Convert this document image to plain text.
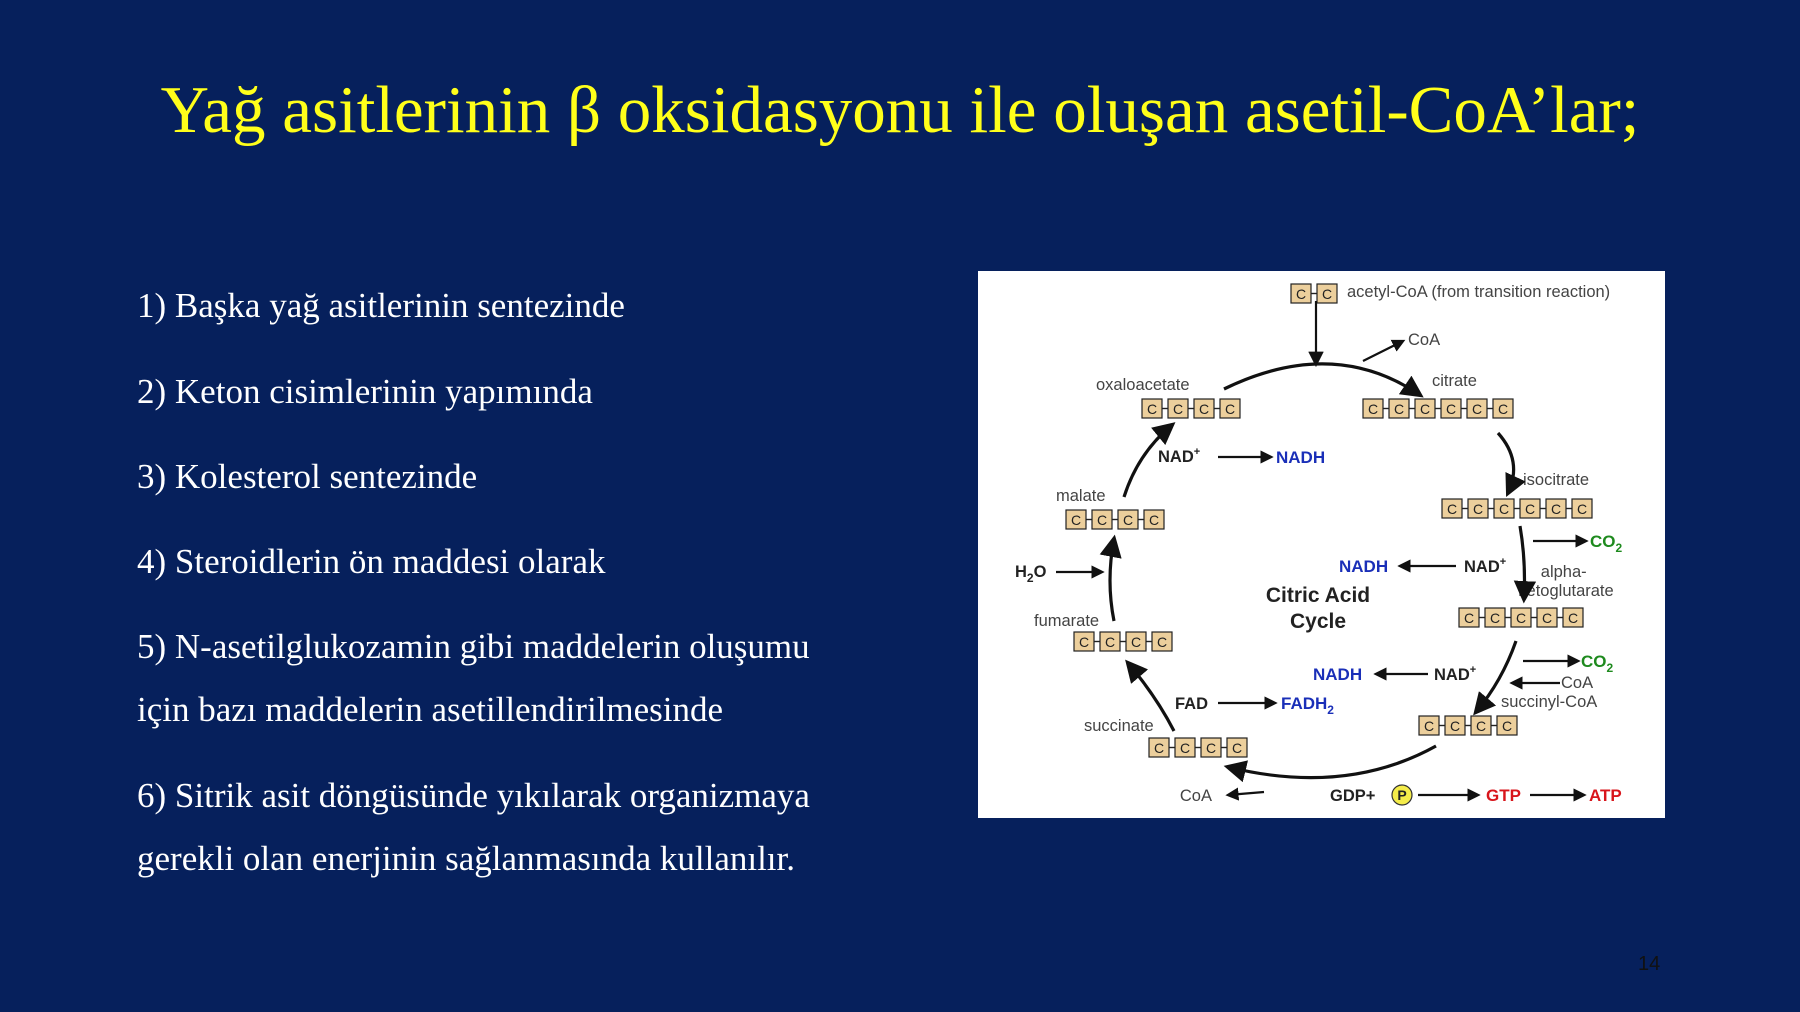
Yağ asitlerinin β oksidasyonu ile oluşan asetil-CoA’lar;
1) Başka yağ asitlerinin sentezinde
2) Keton cisimlerinin yapımında
3) Kolesterol sentezinde
4) Steroidlerin ön maddesi olarak
5) N-asetilglukozamin gibi maddelerin oluşumu
için bazı maddelerin asetillendirilmesinde
6) Sitrik asit döngüsünde yıkılarak organizmaya
gerekli olan enerjinin sağlanmasında kullanılır.
C C
C C C C C C
C C C C C C
C C C C C
C C C C
C C C C
C C C C
C C C C
C C C C
acetyl-CoA (from transition reaction)
citrate
isocitrate
alpha- ketoglutarate
succinyl-CoA
succinate
fumarate
malate
oxaloacetate
Citric Acid
Cycle
CoA
NAD+	NADH
NAD+
NADH
$CO_2$
NAD+
NADH
$CO_2$
CoA
FAD	$FADH_2$
$H_2O$
CoA	GDP+ P	GTP	ATP
14
